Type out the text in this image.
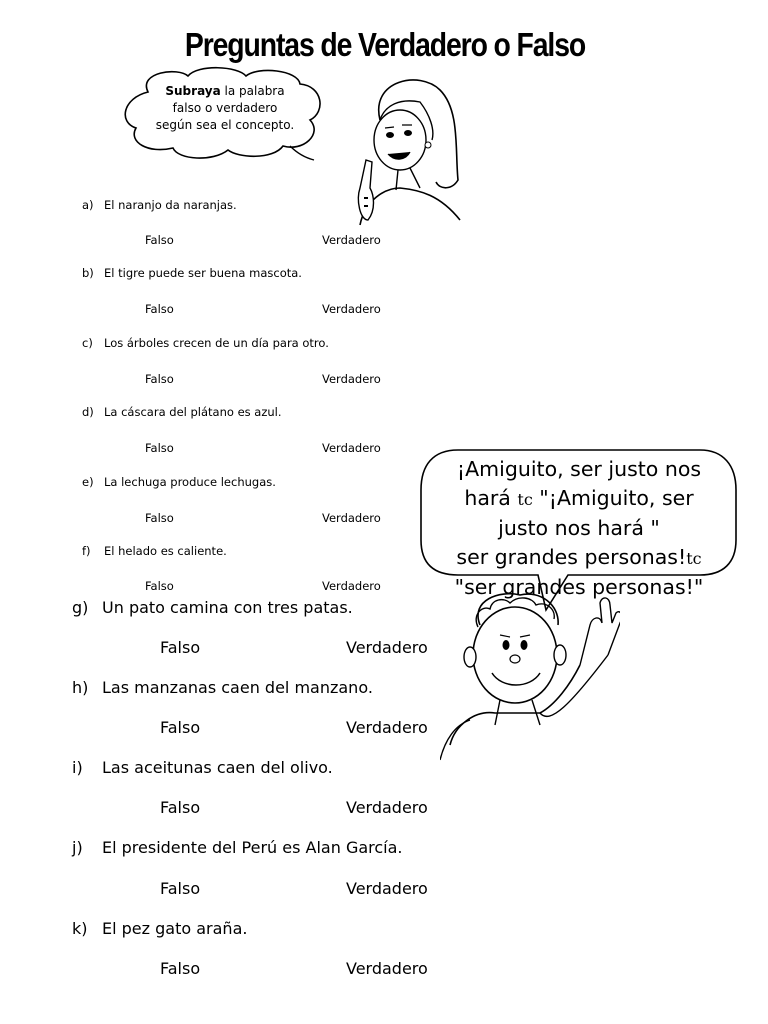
Preguntas de Verdadero o Falso
Subraya la palabra
falso o verdadero
según sea el concepto.
a) El naranjo da naranjas.
Falso	Verdadero
b) El tigre puede ser buena mascota.
Falso	Verdadero
c) Los árboles crecen de un día para otro.
Falso	Verdadero
d) La cáscara del plátano es azul.
Falso	Verdadero
e) La lechuga produce lechugas.
Falso	Verdadero
f) El helado es caliente.
Falso	Verdadero
¡Amiguito, ser justo nos
hará tc "¡Amiguito, ser
justo nos hará "
ser grandes personas!tc
"ser grandes personas!"
g) Un pato camina con tres patas.
Falso	Verdadero
h) Las manzanas caen del manzano.
Falso	Verdadero
i) Las aceitunas caen del olivo.
Falso	Verdadero
j) El presidente del Perú es Alan García.
Falso	Verdadero
k) El pez gato araña.
Falso	Verdadero
